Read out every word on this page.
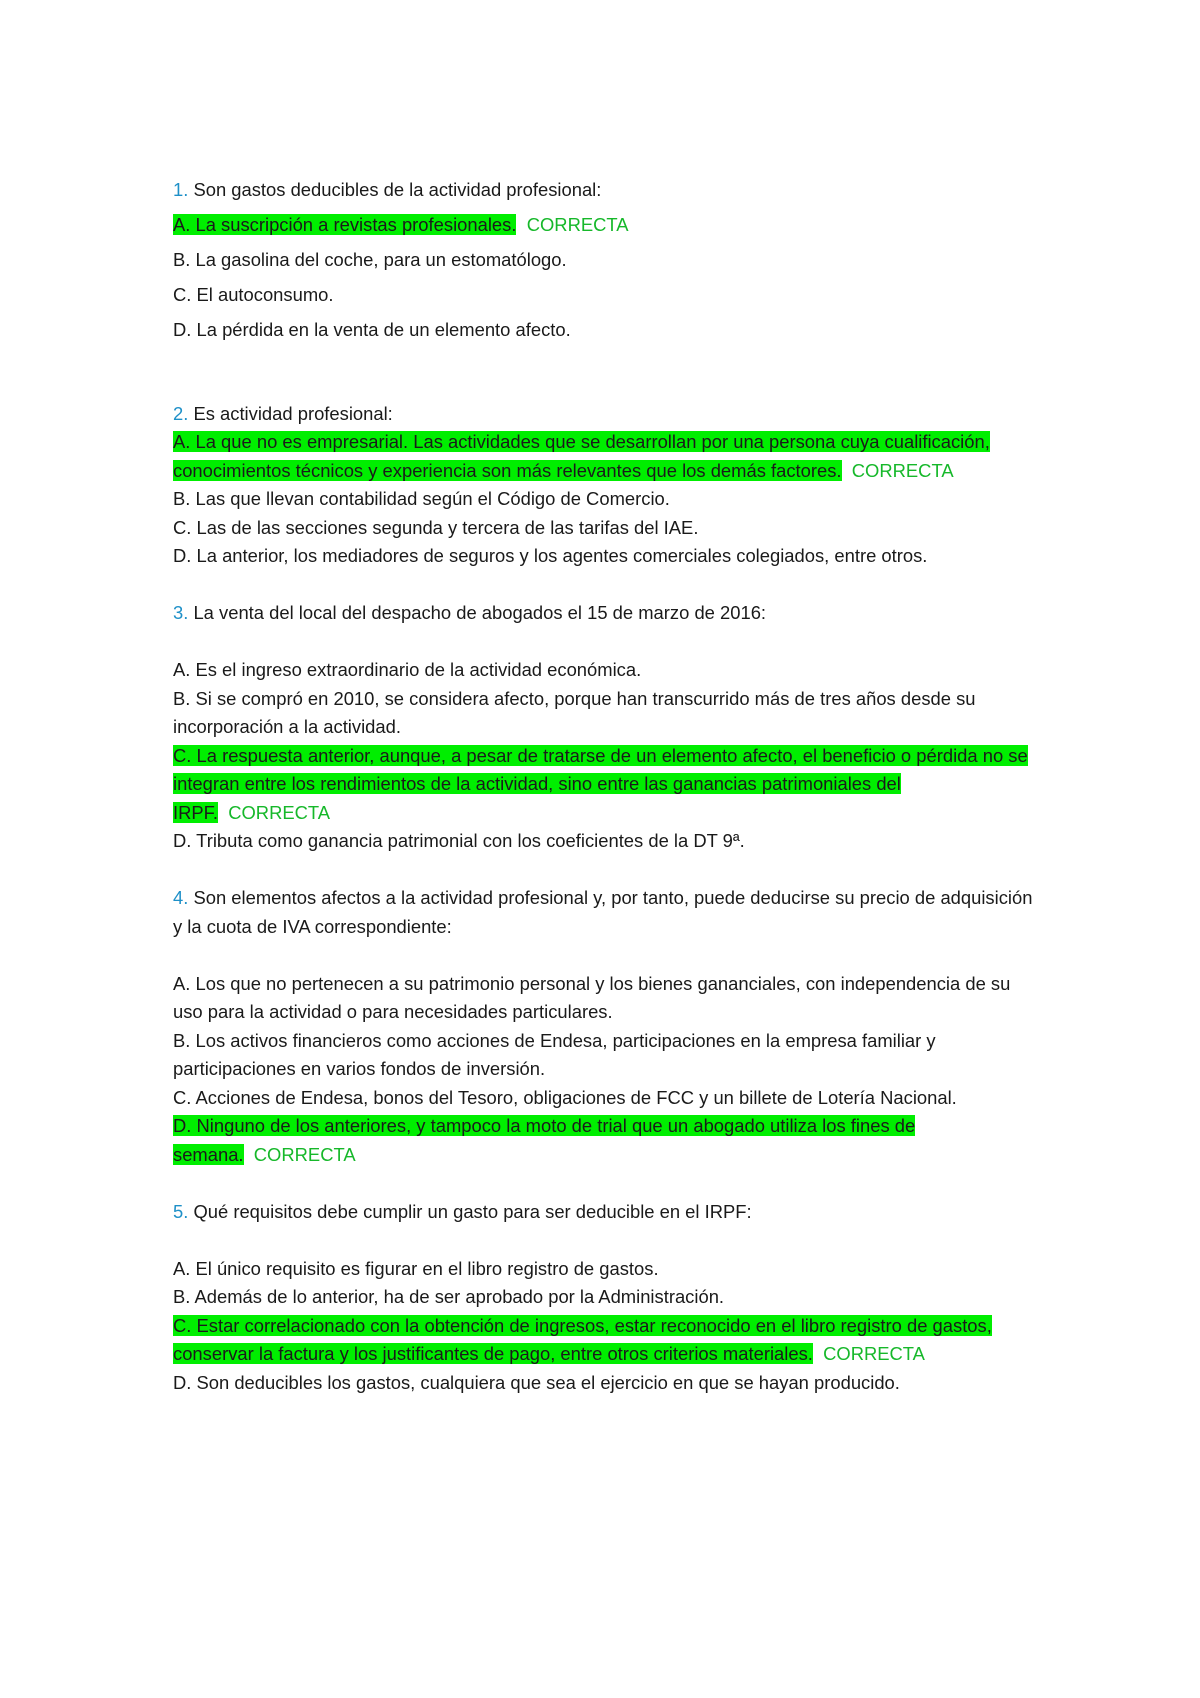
1. Son gastos deducibles de la actividad profesional:

A. La suscripción a revistas profesionales. CORRECTA

B. La gasolina del coche, para un estomatólogo.

C. El autoconsumo.

D. La pérdida en la venta de un elemento afecto.

2. Es actividad profesional:

A. La que no es empresarial. Las actividades que se desarrollan por una persona cuya cualificación, conocimientos técnicos y experiencia son más relevantes que los demás factores. CORRECTA

B. Las que llevan contabilidad según el Código de Comercio.

C. Las de las secciones segunda y tercera de las tarifas del IAE.

D. La anterior, los mediadores de seguros y los agentes comerciales colegiados, entre otros.

3. La venta del local del despacho de abogados el 15 de marzo de 2016:

A. Es el ingreso extraordinario de la actividad económica.

B. Si se compró en 2010, se considera afecto, porque han transcurrido más de tres años desde su incorporación a la actividad.

C. La respuesta anterior, aunque, a pesar de tratarse de un elemento afecto, el beneficio o pérdida no se integran entre los rendimientos de la actividad, sino entre las ganancias patrimoniales del IRPF. CORRECTA

D. Tributa como ganancia patrimonial con los coeficientes de la DT 9ª.

4. Son elementos afectos a la actividad profesional y, por tanto, puede deducirse su precio de adquisición y la cuota de IVA correspondiente:

A. Los que no pertenecen a su patrimonio personal y los bienes gananciales, con independencia de su uso para la actividad o para necesidades particulares.

B. Los activos financieros como acciones de Endesa, participaciones en la empresa familiar y participaciones en varios fondos de inversión.

C. Acciones de Endesa, bonos del Tesoro, obligaciones de FCC y un billete de Lotería Nacional.

D. Ninguno de los anteriores, y tampoco la moto de trial que un abogado utiliza los fines de semana. CORRECTA

5. Qué requisitos debe cumplir un gasto para ser deducible en el IRPF:

A. El único requisito es figurar en el libro registro de gastos.

B. Además de lo anterior, ha de ser aprobado por la Administración.

C. Estar correlacionado con la obtención de ingresos, estar reconocido en el libro registro de gastos, conservar la factura y los justificantes de pago, entre otros criterios materiales. CORRECTA

D. Son deducibles los gastos, cualquiera que sea el ejercicio en que se hayan producido.
